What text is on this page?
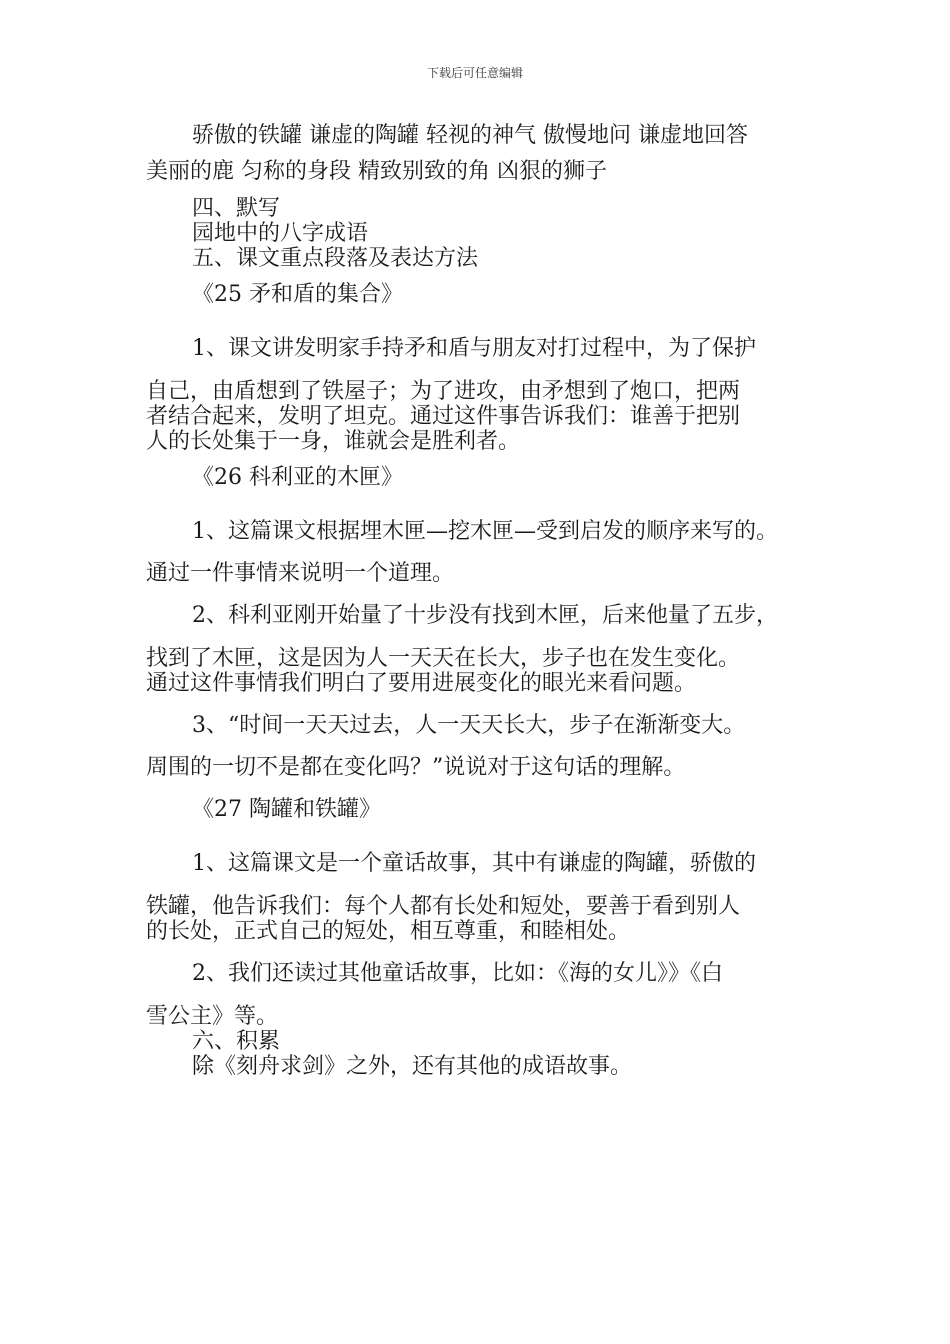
下载后可任意编辑

骄傲的铁罐 谦虚的陶罐 轻视的神气 傲慢地问 谦虚地回答

美丽的鹿 匀称的身段 精致别致的角 凶狠的狮子

四、默写

园地中的八字成语

五、课文重点段落及表达方法

《25 矛和盾的集合》

1、课文讲发明家手持矛和盾与朋友对打过程中，为了保护

自己，由盾想到了铁屋子；为了进攻，由矛想到了炮口，把两

者结合起来，发明了坦克。通过这件事告诉我们：谁善于把别

人的长处集于一身，谁就会是胜利者。

《26 科利亚的木匣》

1、这篇课文根据埋木匣—挖木匣—受到启发的顺序来写的。

通过一件事情来说明一个道理。

2、科利亚刚开始量了十步没有找到木匣，后来他量了五步，

找到了木匣，这是因为人一天天在长大，步子也在发生变化。

通过这件事情我们明白了要用进展变化的眼光来看问题。

3、“时间一天天过去，人一天天长大，步子在渐渐变大。

周围的一切不是都在变化吗？”说说对于这句话的理解。

《27 陶罐和铁罐》

1、这篇课文是一个童话故事，其中有谦虚的陶罐，骄傲的

铁罐，他告诉我们：每个人都有长处和短处，要善于看到别人

的长处，正式自己的短处，相互尊重，和睦相处。

2、我们还读过其他童话故事，比如：《海的女儿》》《白

雪公主》等。

六、积累

除《刻舟求剑》之外，还有其他的成语故事。
